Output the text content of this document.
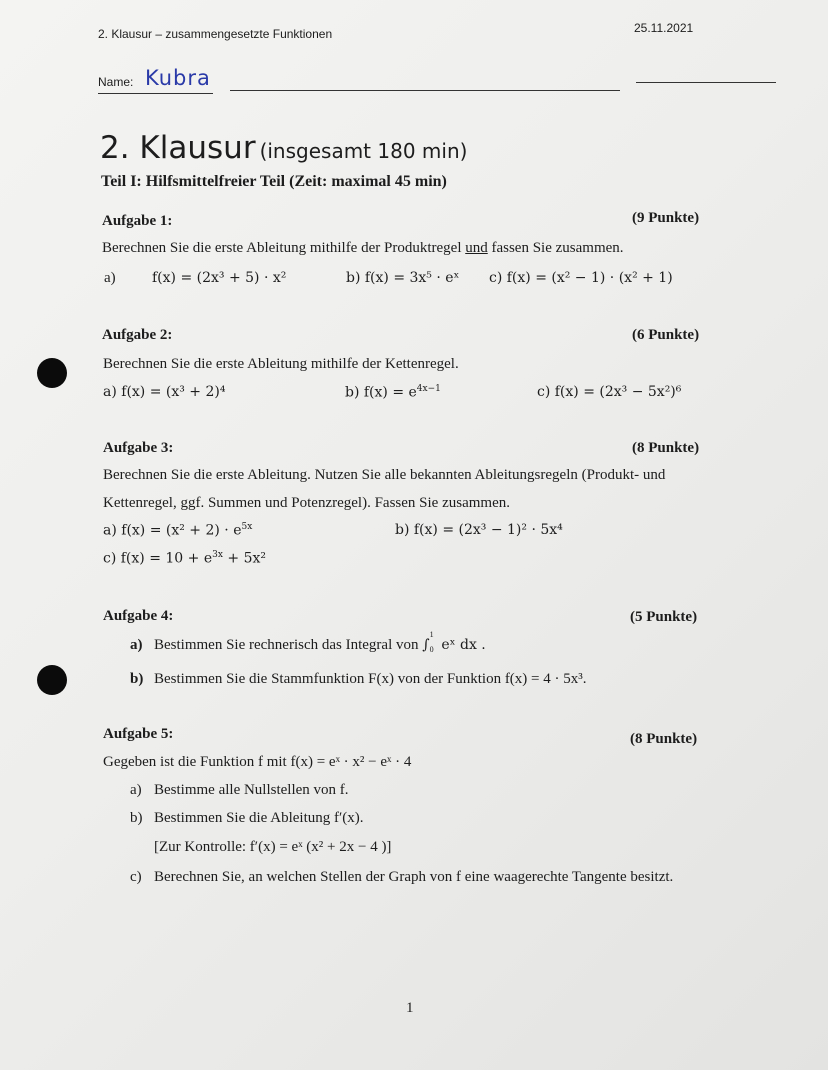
2. Klausur – zusammengesetzte Funktionen	25.11.2021
Name: Kubra
2. Klausur (insgesamt 180 min)
Teil I: Hilfsmittelfreier Teil (Zeit: maximal 45 min)
Aufgabe 1:	(9 Punkte)
Berechnen Sie die erste Ableitung mithilfe der Produktregel und fassen Sie zusammen.
a)	f(x) = (2x³ + 5) · x²	b) f(x) = 3x⁵ · eˣ c) f(x) = (x² − 1) · (x² + 1)
Aufgabe 2:	(6 Punkte)
Berechnen Sie die erste Ableitung mithilfe der Kettenregel.
a) f(x) = (x³ + 2)⁴	b) $f(x) = e^{4x-1}$	c) f(x) = (2x³ − 5x²)⁶
Aufgabe 3:	(8 Punkte)
Berechnen Sie die erste Ableitung. Nutzen Sie alle bekannten Ableitungsregeln (Produkt- und
Kettenregel, ggf. Summen und Potenzregel). Fassen Sie zusammen.
a) $f(x) = (x^2 + 2) \cdot e^{5x}$	b) f(x) = (2x³ − 1)² · 5x⁴
c) $f(x) = 10 + e^{3x} + 5x^2$
Aufgabe 4:	(5 Punkte)
a) Bestimmen Sie rechnerisch das Integral von ∫
1
0 eˣ dx .
b) Bestimmen Sie die Stammfunktion F(x) von der Funktion f(x) = 4 · 5x³.
Aufgabe 5:	(8 Punkte)
Gegeben ist die Funktion f mit f(x) = eˣ · x² − eˣ · 4
a) Bestimme alle Nullstellen von f.
b) Bestimmen Sie die Ableitung f′(x).
[Zur Kontrolle: f′(x) = eˣ (x² + 2x − 4 )]
c) Berechnen Sie, an welchen Stellen der Graph von f eine waagerechte Tangente besitzt.
1
